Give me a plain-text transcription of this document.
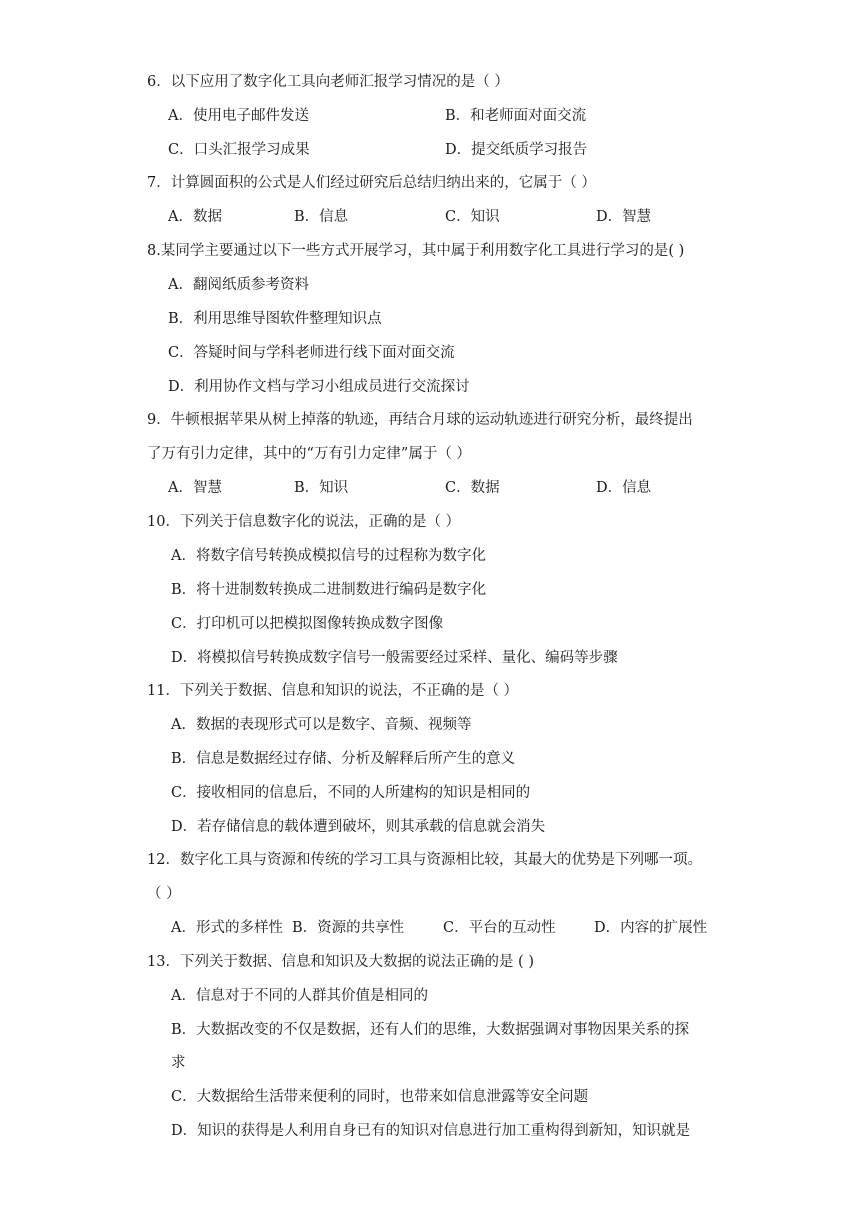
6．以下应用了数字化工具向老师汇报学习情况的是（ ）
A．使用电子邮件发送	B．和老师面对面交流
C．口头汇报学习成果	D．提交纸质学习报告
7．计算圆面积的公式是人们经过研究后总结归纳出来的，它属于（ ）
A．数据	B．信息	C．知识	D．智慧
8.某同学主要通过以下一些方式开展学习，其中属于利用数字化工具进行学习的是( )
A．翻阅纸质参考资料
B．利用思维导图软件整理知识点
C．答疑时间与学科老师进行线下面对面交流
D．利用协作文档与学习小组成员进行交流探讨
9．牛顿根据苹果从树上掉落的轨迹，再结合月球的运动轨迹进行研究分析，最终提出
了万有引力定律，其中的“万有引力定律”属于（ ）
A．智慧	B．知识	C．数据	D．信息
10．下列关于信息数字化的说法，正确的是（ ）
A．将数字信号转换成模拟信号的过程称为数字化
B．将十进制数转换成二进制数进行编码是数字化
C．打印机可以把模拟图像转换成数字图像
D．将模拟信号转换成数字信号一般需要经过采样、量化、编码等步骤
11．下列关于数据、信息和知识的说法，不正确的是（ ）
A．数据的表现形式可以是数字、音频、视频等
B．信息是数据经过存储、分析及解释后所产生的意义
C．接收相同的信息后，不同的人所建构的知识是相同的
D．若存储信息的载体遭到破坏，则其承载的信息就会消失
12．数字化工具与资源和传统的学习工具与资源相比较，其最大的优势是下列哪一项。
（ ）
A．形式的多样性 B．资源的共享性	C．平台的互动性	D．内容的扩展性
13．下列关于数据、信息和知识及大数据的说法正确的是 ( )
A．信息对于不同的人群其价值是相同的
B．大数据改变的不仅是数据，还有人们的思维，大数据强调对事物因果关系的探
求
C．大数据给生活带来便利的同时，也带来如信息泄露等安全问题
D．知识的获得是人利用自身已有的知识对信息进行加工重构得到新知，知识就是
